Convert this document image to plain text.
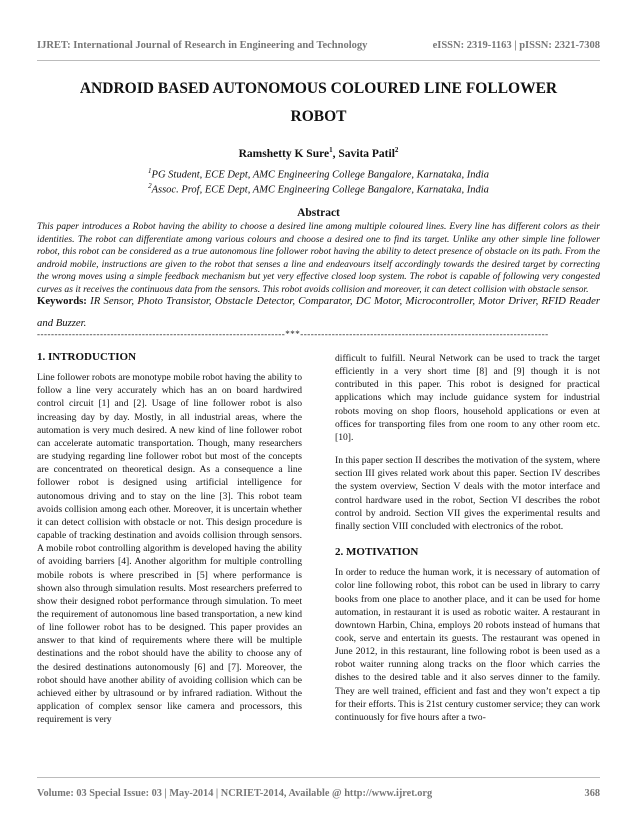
IJRET: International Journal of Research in Engineering and Technology	eISSN: 2319-1163 | pISSN: 2321-7308
ANDROID BASED AUTONOMOUS COLOURED LINE FOLLOWER
ROBOT
Ramshetty K Sure$^1$, Savita Patil$^2$
$^1$PG Student, ECE Dept, AMC Engineering College Bangalore, Karnataka, India
$^2$Assoc. Prof, ECE Dept, AMC Engineering College Bangalore, Karnataka, India
Abstract

This paper introduces a Robot having the ability to choose a desired line among multiple coloured lines. Every line has different colors as their identities. The robot can differentiate among various colours and choose a desired one to find its target. Unlike any other simple line follower robot, this robot can be considered as a true autonomous line follower robot having the ability to detect presence of obstacle on its path. From the android mobile, instructions are given to the robot that senses a line and endeavours itself accordingly towards the desired target by correcting the wrong moves using a simple feedback mechanism but yet very effective closed loop system. The robot is capable of following very congested curves as it receives the continuous data from the sensors. This robot avoids collision and moreover, it can detect collision with obstacle sensor.

Keywords: IR Sensor, Photo Transistor, Obstacle Detector, Comparator, DC Motor, Microcontroller, Motor Driver, RFID Reader and Buzzer.

-----------------------------------------------------------------------***-----------------------------------------------------------------------

1. INTRODUCTION

Line follower robots are monotype mobile robot having the ability to follow a line very accurately which has an on board hardwired control circuit [1] and [2]. Usage of line follower robot is also increasing day by day. Mostly, in all industrial areas, where the automation is very much desired. A new kind of line follower robot can accelerate automatic transportation. Though, many researchers are studying regarding line follower robot but most of the concepts are concentrated on theoretical design. As a consequence a line follower robot is designed using artificial intelligence for autonomous driving and to stay on the line [3]. This robot team avoids collision among each other. Moreover, it is uncertain whether it can detect collision with obstacle or not. This design procedure is capable of tracking destination and avoids collision through sensors. A mobile robot controlling algorithm is developed having the ability of avoiding barriers [4]. Another algorithm for multiple controlling mobile robots is where prescribed in [5] where performance is shown also through simulation results. Most researchers preferred to show their designed robot performance through simulation. To meet the requirement of autonomous line based transportation, a new kind of line follower robot has to be designed. This paper provides an answer to that kind of requirements where there will be multiple destinations and the robot should have the ability to choose any of the desired destinations autonomously [6] and [7]. Moreover, the robot should have another ability of avoiding collision which can be achieved either by ultrasound or by infrared radiation. Without the application of complex sensor like camera and processors, this requirement is very

difficult to fulfill. Neural Network can be used to track the target efficiently in a very short time [8] and [9] though it is not contributed in this paper. This robot is designed for practical applications which may include guidance system for industrial robots moving on shop floors, household applications or even at offices for transporting files from one room to any other room etc. [10].

In this paper section II describes the motivation of the system, where section III gives related work about this paper. Section IV describes the system overview, Section V deals with the motor interface and control hardware used in the robot, Section VI describes the robot control by android. Section VII gives the experimental results and finally section VIII concluded with electronics of the robot.

2. MOTIVATION

In order to reduce the human work, it is necessary of automation of color line following robot, this robot can be used in library to carry books from one place to another place, and it can be used for home automation, in restaurant it is used as robotic waiter. A restaurant in downtown Harbin, China, employs 20 robots instead of humans that cook, serve and entertain its guests. The restaurant was opened in June 2012, in this restaurant, line following robot is been used as a robot waiter running along tracks on the floor which carries the dishes to the desired table and it also serves dinner to the family. They are well trained, efficient and fast and they won’t expect a tip for their efforts. This is 21st century customer service; they can work continuously for five hours after a two-

Volume: 03 Special Issue: 03 | May-2014 | NCRIET-2014, Available @ http://www.ijret.org	368
